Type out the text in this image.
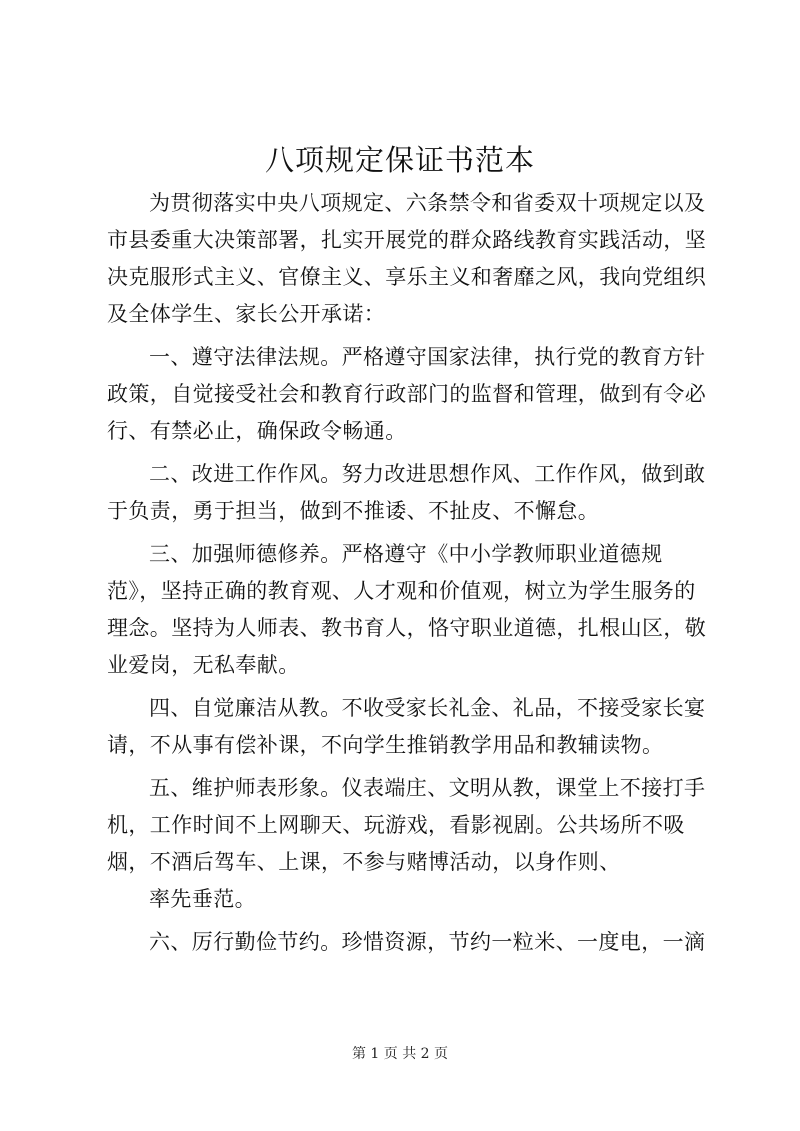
八项规定保证书范本

为贯彻落实中央八项规定、六条禁令和省委双十项规定以及市县委重大决策部署，扎实开展党的群众路线教育实践活动，坚决克服形式主义、官僚主义、享乐主义和奢靡之风，我向党组织及全体学生、家长公开承诺：

一、遵守法律法规。严格遵守国家法律，执行党的教育方针政策，自觉接受社会和教育行政部门的监督和管理，做到有令必行、有禁必止，确保政令畅通。

二、改进工作作风。努力改进思想作风、工作作风，做到敢于负责，勇于担当，做到不推诿、不扯皮、不懈怠。

三、加强师德修养。严格遵守《中小学教师职业道德规范》，坚持正确的教育观、人才观和价值观，树立为学生服务的理念。坚持为人师表、教书育人，恪守职业道德，扎根山区，敬业爱岗，无私奉献。

四、自觉廉洁从教。不收受家长礼金、礼品，不接受家长宴请，不从事有偿补课，不向学生推销教学用品和教辅读物。

五、维护师表形象。仪表端庄、文明从教，课堂上不接打手机，工作时间不上网聊天、玩游戏，看影视剧。公共场所不吸烟，不酒后驾车、上课，不参与赌博活动，以身作则、

率先垂范。

六、厉行勤俭节约。珍惜资源，节约一粒米、一度电，一滴

第 1 页 共 2 页
